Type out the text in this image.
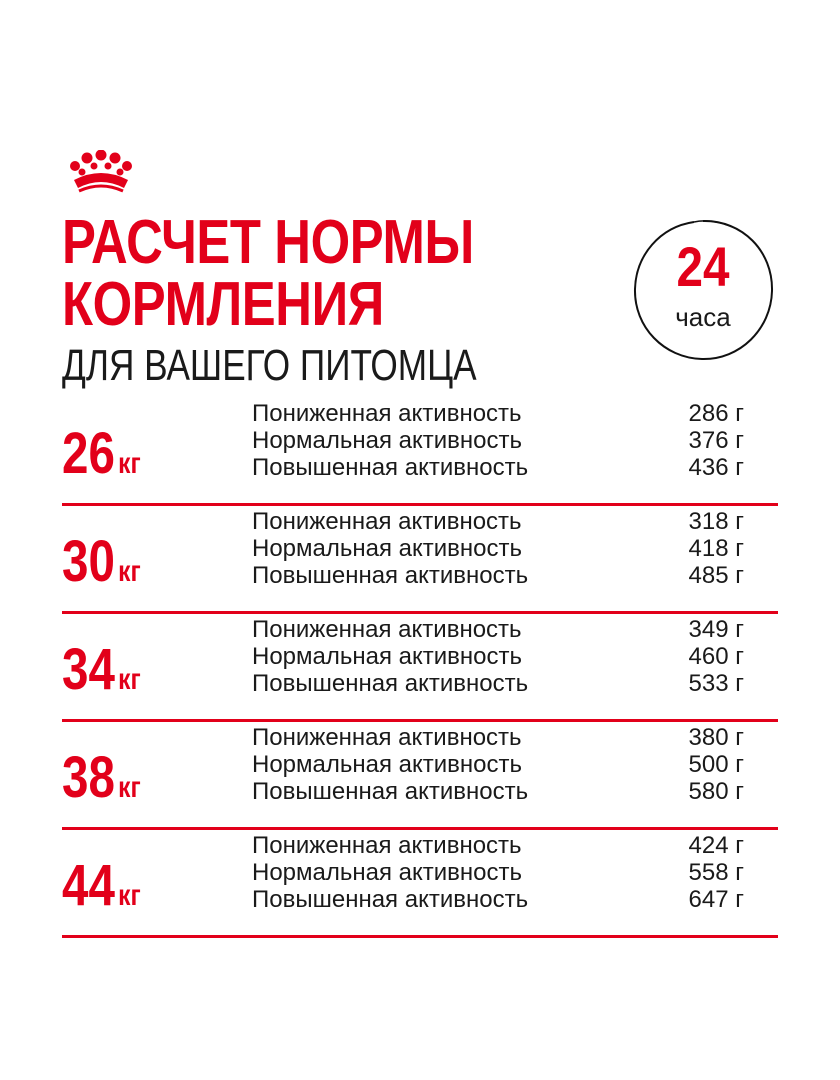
РАСЧЕТ НОРМЫ
КОРМЛЕНИЯ
ДЛЯ ВАШЕГО ПИТОМЦА
24
часа
26 кг
Пониженная активность	286 г
Нормальная активность	376 г
Повышенная активность	436 г
30 кг
Пониженная активность	318 г
Нормальная активность	418 г
Повышенная активность	485 г
34 кг
Пониженная активность	349 г
Нормальная активность	460 г
Повышенная активность	533 г
38 кг
Пониженная активность	380 г
Нормальная активность	500 г
Повышенная активность	580 г
44 кг
Пониженная активность	424 г
Нормальная активность	558 г
Повышенная активность	647 г
